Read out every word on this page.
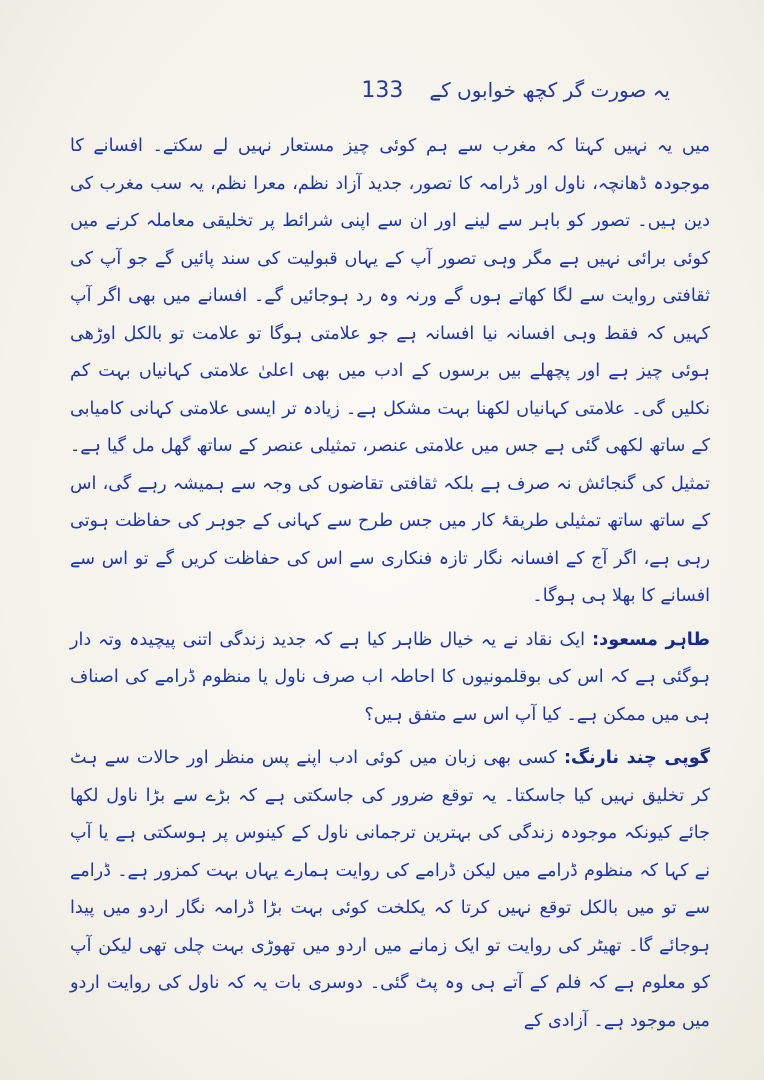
یہ صورت گر کچھ خوابوں کے
133

میں یہ نہیں کہتا کہ مغرب سے ہم کوئی چیز مستعار نہیں لے سکتے۔ افسانے کا موجودہ ڈھانچہ، ناول اور ڈرامہ کا تصور، جدید آزاد نظم، معرا نظم، یہ سب مغرب کی دین ہیں۔ تصور کو باہر سے لینے اور ان سے اپنی شرائط پر تخلیقی معاملہ کرنے میں کوئی برائی نہیں ہے مگر وہی تصور آپ کے یہاں قبولیت کی سند پائیں گے جو آپ کی ثقافتی روایت سے لگا کھاتے ہوں گے ورنہ وہ رد ہوجائیں گے۔ افسانے میں بھی اگر آپ کہیں کہ فقط وہی افسانہ نیا افسانہ ہے جو علامتی ہوگا تو علامت تو بالکل اوڑھی ہوئی چیز ہے اور پچھلے بیں برسوں کے ادب میں بھی اعلیٰ علامتی کہانیاں بہت کم نکلیں گی۔ علامتی کہانیاں لکھنا بہت مشکل ہے۔ زیادہ تر ایسی علامتی کہانی کامیابی کے ساتھ لکھی گئی ہے جس میں علامتی عنصر، تمثیلی عنصر کے ساتھ گھل مل گیا ہے۔ تمثیل کی گنجائش نہ صرف ہے بلکہ ثقافتی تقاضوں کی وجہ سے ہمیشہ رہے گی، اس کے ساتھ ساتھ تمثیلی طریقۂ کار میں جس طرح سے کہانی کے جوہر کی حفاظت ہوتی رہی ہے، اگر آج کے افسانہ نگار تازہ فنکاری سے اس کی حفاظت کریں گے تو اس سے افسانے کا بھلا ہی ہوگا۔

طاہر مسعود: ایک نقاد نے یہ خیال ظاہر کیا ہے کہ جدید زندگی اتنی پیچیدہ وتہ دار ہوگئی ہے کہ اس کی بوقلمونیوں کا احاطہ اب صرف ناول یا منظوم ڈرامے کی اصناف ہی میں ممکن ہے۔ کیا آپ اس سے متفق ہیں؟

گوپی چند نارنگ: کسی بھی زبان میں کوئی ادب اپنے پس منظر اور حالات سے ہٹ کر تخلیق نہیں کیا جاسکتا۔ یہ توقع ضرور کی جاسکتی ہے کہ بڑے سے بڑا ناول لکھا جائے کیونکہ موجودہ زندگی کی بہترین ترجمانی ناول کے کینوس پر ہوسکتی ہے یا آپ نے کہا کہ منظوم ڈرامے میں لیکن ڈرامے کی روایت ہمارے یہاں بہت کمزور ہے۔ ڈرامے سے تو میں بالکل توقع نہیں کرتا کہ یکلخت کوئی بہت بڑا ڈرامہ نگار اردو میں پیدا ہوجائے گا۔ تھیٹر کی روایت تو ایک زمانے میں اردو میں تھوڑی بہت چلی تھی لیکن آپ کو معلوم ہے کہ فلم کے آتے ہی وہ پٹ گئی۔ دوسری بات یہ کہ ناول کی روایت اردو میں موجود ہے۔ آزادی کے
